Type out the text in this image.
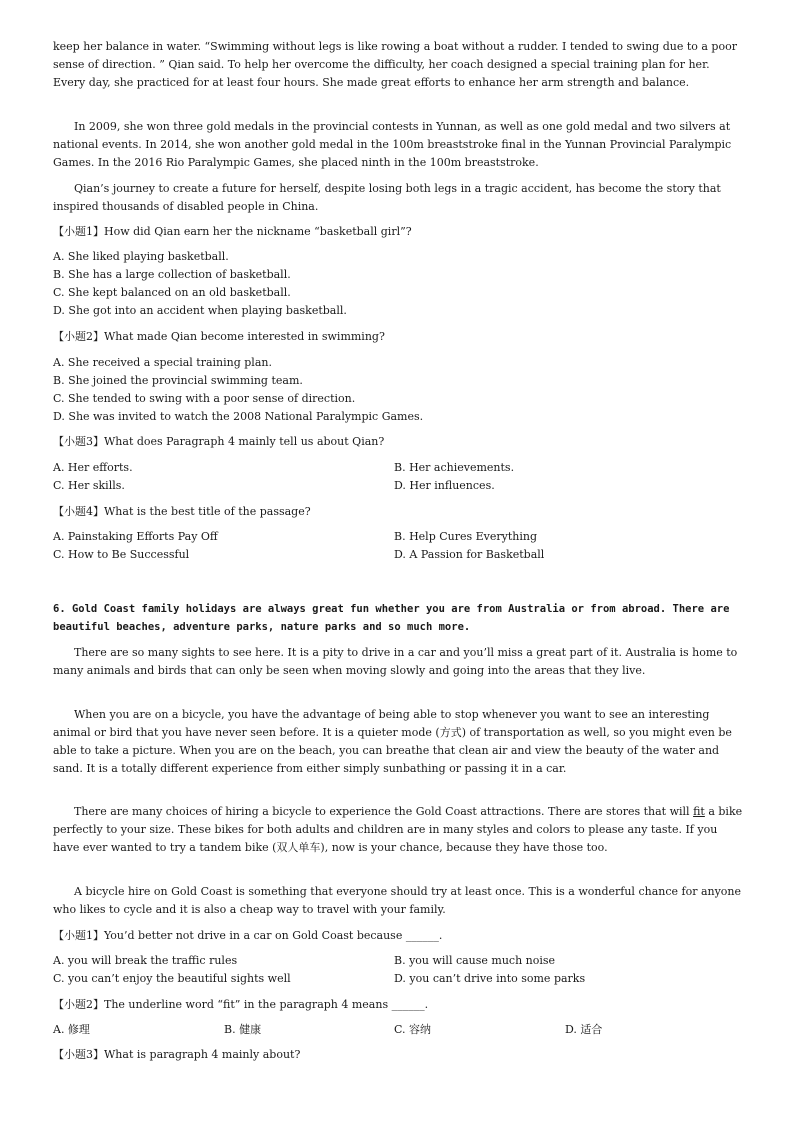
keep her balance in water. “Swimming without legs is like rowing a boat without a rudder. I tended to swing due to a poor sense of direction. ” Qian said. To help her overcome the difficulty, her coach designed a special training plan for her. Every day, she practiced for at least four hours. She made great efforts to enhance her arm strength and balance.
In 2009, she won three gold medals in the provincial contests in Yunnan, as well as one gold medal and two silvers at national events. In 2014, she won another gold medal in the 100m breaststroke final in the Yunnan Provincial Paralympic Games. In the 2016 Rio Paralympic Games, she placed ninth in the 100m breaststroke.
Qian’s journey to create a future for herself, despite losing both legs in a tragic accident, has become the story that inspired thousands of disabled people in China.
【小题1】How did Qian earn her the nickname “basketball girl”?
A. She liked playing basketball.
B. She has a large collection of basketball.
C. She kept balanced on an old basketball.
D. She got into an accident when playing basketball.
【小题2】What made Qian become interested in swimming?
A. She received a special training plan.
B. She joined the provincial swimming team.
C. She tended to swing with a poor sense of direction.
D. She was invited to watch the 2008 National Paralympic Games.
【小题3】What does Paragraph 4 mainly tell us about Qian?
A. Her efforts.	B. Her achievements.
C. Her skills.	D. Her influences.
【小题4】What is the best title of the passage?
A. Painstaking Efforts Pay Off	B. Help Cures Everything
C. How to Be Successful	D. A Passion for Basketball
6. Gold Coast family holidays are always great fun whether you are from Australia or from abroad. There are beautiful beaches, adventure parks, nature parks and so much more.
There are so many sights to see here. It is a pity to drive in a car and you’ll miss a great part of it. Australia is home to many animals and birds that can only be seen when moving slowly and going into the areas that they live.
When you are on a bicycle, you have the advantage of being able to stop whenever you want to see an interesting animal or bird that you have never seen before. It is a quieter mode (方式) of transportation as well, so you might even be able to take a picture. When you are on the beach, you can breathe that clean air and view the beauty of the water and sand. It is a totally different experience from either simply sunbathing or passing it in a car.
There are many choices of hiring a bicycle to experience the Gold Coast attractions. There are stores that will fit a bike perfectly to your size. These bikes for both adults and children are in many styles and colors to please any taste. If you have ever wanted to try a tandem bike (双人单车), now is your chance, because they have those too.
A bicycle hire on Gold Coast is something that everyone should try at least once. This is a wonderful chance for anyone who likes to cycle and it is also a cheap way to travel with your family.
【小题1】You’d better not drive in a car on Gold Coast because ______.
A. you will break the traffic rules	B. you will cause much noise
C. you can’t enjoy the beautiful sights well	D. you can’t drive into some parks
【小题2】The underline word “fit” in the paragraph 4 means ______.
A. 修理	B. 健康	C. 容纳	D. 适合
【小题3】What is paragraph 4 mainly about?
